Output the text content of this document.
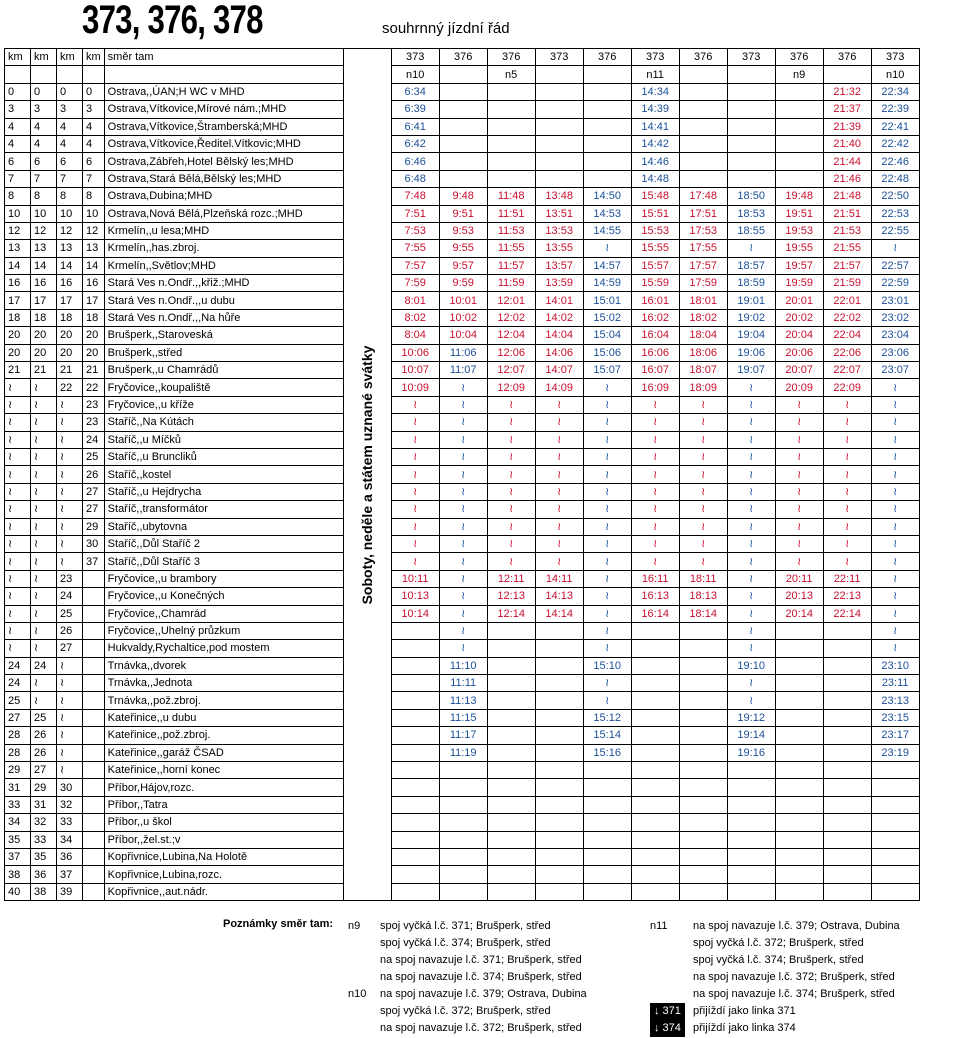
373, 376, 378	souhrnný jízdní řád
km	km	km	km	směr tam	Soboty, neděle a státem uznané svátky	373	376	376	373	376	373	376	373	376	376	373
						n10		n5			n11			n9		n10
0	0	0	0	Ostrava,,ÚAN;H WC v MHD		6:34					14:34				21:32	22:34
3	3	3	3	Ostrava,Vítkovice,Mírové nám.;MHD		6:39					14:39				21:37	22:39
4	4	4	4	Ostrava,Vítkovice,Štramberská;MHD		6:41					14:41				21:39	22:41
4	4	4	4	Ostrava,Vítkovice,Ředitel.Vítkovic;MHD		6:42					14:42				21:40	22:42
6	6	6	6	Ostrava,Zábřeh,Hotel Bělský les;MHD		6:46					14:46				21:44	22:46
7	7	7	7	Ostrava,Stará Bělá,Bělský les;MHD		6:48					14:48				21:46	22:48
8	8	8	8	Ostrava,Dubina;MHD		7:48	9:48	11:48	13:48	14:50	15:48	17:48	18:50	19:48	21:48	22:50
10	10	10	10	Ostrava,Nová Bělá,Plzeňská rozc.;MHD		7:51	9:51	11:51	13:51	14:53	15:51	17:51	18:53	19:51	21:51	22:53
12	12	12	12	Krmelín,,u lesa;MHD		7:53	9:53	11:53	13:53	14:55	15:53	17:53	18:55	19:53	21:53	22:55
13	13	13	13	Krmelín,,has.zbroj.		7:55	9:55	11:55	13:55	≀	15:55	17:55	≀	19:55	21:55	≀
14	14	14	14	Krmelín,,Světlov;MHD		7:57	9:57	11:57	13:57	14:57	15:57	17:57	18:57	19:57	21:57	22:57
16	16	16	16	Stará Ves n.Ondř.,,křiž.;MHD		7:59	9:59	11:59	13:59	14:59	15:59	17:59	18:59	19:59	21:59	22:59
17	17	17	17	Stará Ves n.Ondř.,,u dubu		8:01	10:01	12:01	14:01	15:01	16:01	18:01	19:01	20:01	22:01	23:01
18	18	18	18	Stará Ves n.Ondř.,,Na hůře		8:02	10:02	12:02	14:02	15:02	16:02	18:02	19:02	20:02	22:02	23:02
20	20	20	20	Brušperk,,Staroveská		8:04	10:04	12:04	14:04	15:04	16:04	18:04	19:04	20:04	22:04	23:04
20	20	20	20	Brušperk,,střed		10:06	11:06	12:06	14:06	15:06	16:06	18:06	19:06	20:06	22:06	23:06
21	21	21	21	Brušperk,,u Chamrádů		10:07	11:07	12:07	14:07	15:07	16:07	18:07	19:07	20:07	22:07	23:07
≀	≀	22	22	Fryčovice,,koupaliště		10:09	≀	12:09	14:09	≀	16:09	18:09	≀	20:09	22:09	≀
≀	≀	≀	23	Fryčovice,,u kříže		≀	≀	≀	≀	≀	≀	≀	≀	≀	≀	≀
≀	≀	≀	23	Staříč,,Na Kútách		≀	≀	≀	≀	≀	≀	≀	≀	≀	≀	≀
≀	≀	≀	24	Staříč,,u Míčků		≀	≀	≀	≀	≀	≀	≀	≀	≀	≀	≀
≀	≀	≀	25	Staříč,,u Bruncliků		≀	≀	≀	≀	≀	≀	≀	≀	≀	≀	≀
≀	≀	≀	26	Staříč,,kostel		≀	≀	≀	≀	≀	≀	≀	≀	≀	≀	≀
≀	≀	≀	27	Staříč,,u Hejdrycha		≀	≀	≀	≀	≀	≀	≀	≀	≀	≀	≀
≀	≀	≀	27	Staříč,,transformátor		≀	≀	≀	≀	≀	≀	≀	≀	≀	≀	≀
≀	≀	≀	29	Staříč,,ubytovna		≀	≀	≀	≀	≀	≀	≀	≀	≀	≀	≀
≀	≀	≀	30	Staříč,,Důl Staříč 2		≀	≀	≀	≀	≀	≀	≀	≀	≀	≀	≀
≀	≀	≀	37	Staříč,,Důl Staříč 3		≀	≀	≀	≀	≀	≀	≀	≀	≀	≀	≀
≀	≀	23		Fryčovice,,u brambory		10:11	≀	12:11	14:11	≀	16:11	18:11	≀	20:11	22:11	≀
≀	≀	24		Fryčovice,,u Konečných		10:13	≀	12:13	14:13	≀	16:13	18:13	≀	20:13	22:13	≀
≀	≀	25		Fryčovice,,Chamrád		10:14	≀	12:14	14:14	≀	16:14	18:14	≀	20:14	22:14	≀
≀	≀	26		Fryčovice,,Uhelný průzkum			≀			≀			≀			≀
≀	≀	27		Hukvaldy,Rychaltice,pod mostem			≀			≀			≀			≀
24	24	≀		Trnávka,,dvorek			11:10			15:10			19:10			23:10
24	≀	≀		Trnávka,,Jednota			11:11			≀			≀			23:11
25	≀	≀		Trnávka,,pož.zbroj.			11:13			≀			≀			23:13
27	25	≀		Kateřinice,,u dubu			11:15			15:12			19:12			23:15
28	26	≀		Kateřinice,,pož.zbroj.			11:17			15:14			19:14			23:17
28	26	≀		Kateřinice,,garáž ČSAD			11:19			15:16			19:16			23:19
29	27	≀		Kateřinice,,horní konec												
31	29	30		Příbor,Hájov,rozc.												
33	31	32		Příbor,,Tatra												
34	32	33		Příbor,,u škol												
35	33	34		Příbor,,žel.st.;v												
37	35	36		Kopřivnice,Lubina,Na Holotě												
38	36	37		Kopřivnice,Lubina,rozc.												
40	38	39		Kopřivnice,,aut.nádr.												
Poznámky směr tam: n9 spoj vyčká l.č. 371; Brušperk, střed
spoj vyčká l.č. 374; Brušperk, střed
na spoj navazuje l.č. 371; Brušperk, střed
na spoj navazuje l.č. 374; Brušperk, střed
n10 na spoj navazuje l.č. 379; Ostrava, Dubina
spoj vyčká l.č. 372; Brušperk, střed
na spoj navazuje l.č. 372; Brušperk, střed
n11 na spoj navazuje l.č. 379; Ostrava, Dubina
spoj vyčká l.č. 372; Brušperk, střed
spoj vyčká l.č. 374; Brušperk, střed
na spoj navazuje l.č. 372; Brušperk, střed
na spoj navazuje l.č. 374; Brušperk, střed
↓ 371	přijíždí jako linka 371
↓ 374	přijíždí jako linka 374
